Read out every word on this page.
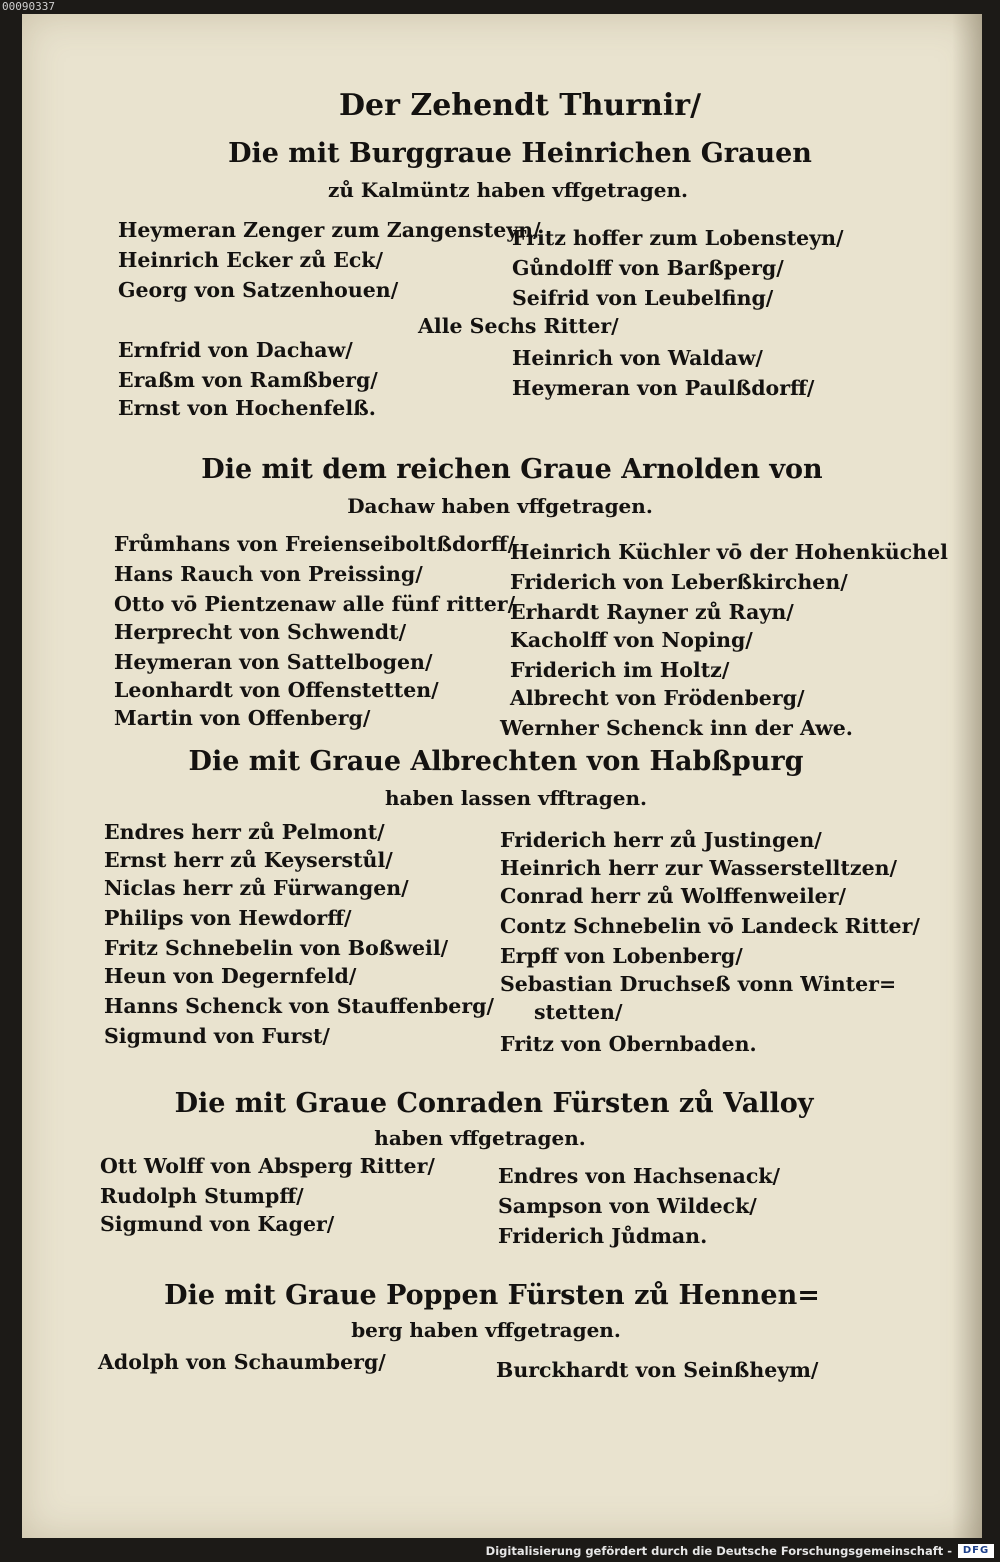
00090337

Der Zehendt Thurnir/

Die mit Burggraue Heinrichen Grauen

zů Kalmüntz haben vffgetragen.

Heymeran Zenger zum Zangensteyn/

Heinrich Ecker zů Eck/

Georg von Satzenhouen/

Fritz hoffer zum Lobensteyn/

Gůndolff von Barßperg/

Seifrid von Leubelfing/

Alle Sechs Ritter/

Ernfrid von Dachaw/

Eraßm von Ramßberg/

Ernst von Hochenfelß.

Heinrich von Waldaw/

Heymeran von Paulßdorff/

Die mit dem reichen Graue Arnolden von

Dachaw haben vffgetragen.

Frůmhans von Freienseiboltßdorff/

Hans Rauch von Preissing/

Otto vō Pientzenaw alle fünf ritter/

Herprecht von Schwendt/

Heymeran von Sattelbogen/

Leonhardt von Offenstetten/

Martin von Offenberg/

Heinrich Küchler vō der Hohenküchel

Friderich von Leberßkirchen/

Erhardt Rayner zů Rayn/

Kacholff von Noping/

Friderich im Holtz/

Albrecht von Frödenberg/

Wernher Schenck inn der Awe.

Die mit Graue Albrechten von Habßpurg

haben lassen vfftragen.

Endres herr zů Pelmont/

Ernst herr zů Keyserstůl/

Niclas herr zů Fürwangen/

Philips von Hewdorff/

Fritz Schnebelin von Boßweil/

Heun von Degernfeld/

Hanns Schenck von Stauffenberg/

Sigmund von Furst/

Friderich herr zů Justingen/

Heinrich herr zur Wasserstelltzen/

Conrad herr zů Wolffenweiler/

Contz Schnebelin vō Landeck Ritter/

Erpff von Lobenberg/

Sebastian Druchseß vonn Winter=

stetten/

Fritz von Obernbaden.

Die mit Graue Conraden Fürsten zů Valloy

haben vffgetragen.

Ott Wolff von Absperg Ritter/

Rudolph Stumpff/

Sigmund von Kager/

Endres von Hachsenack/

Sampson von Wildeck/

Friderich Jůdman.

Die mit Graue Poppen Fürsten zů Hennen=

berg haben vffgetragen.

Adolph von Schaumberg/	Burckhardt von Seinßheym/

Digitalisierung gefördert durch die Deutsche Forschungsgemeinschaft -	DFG
